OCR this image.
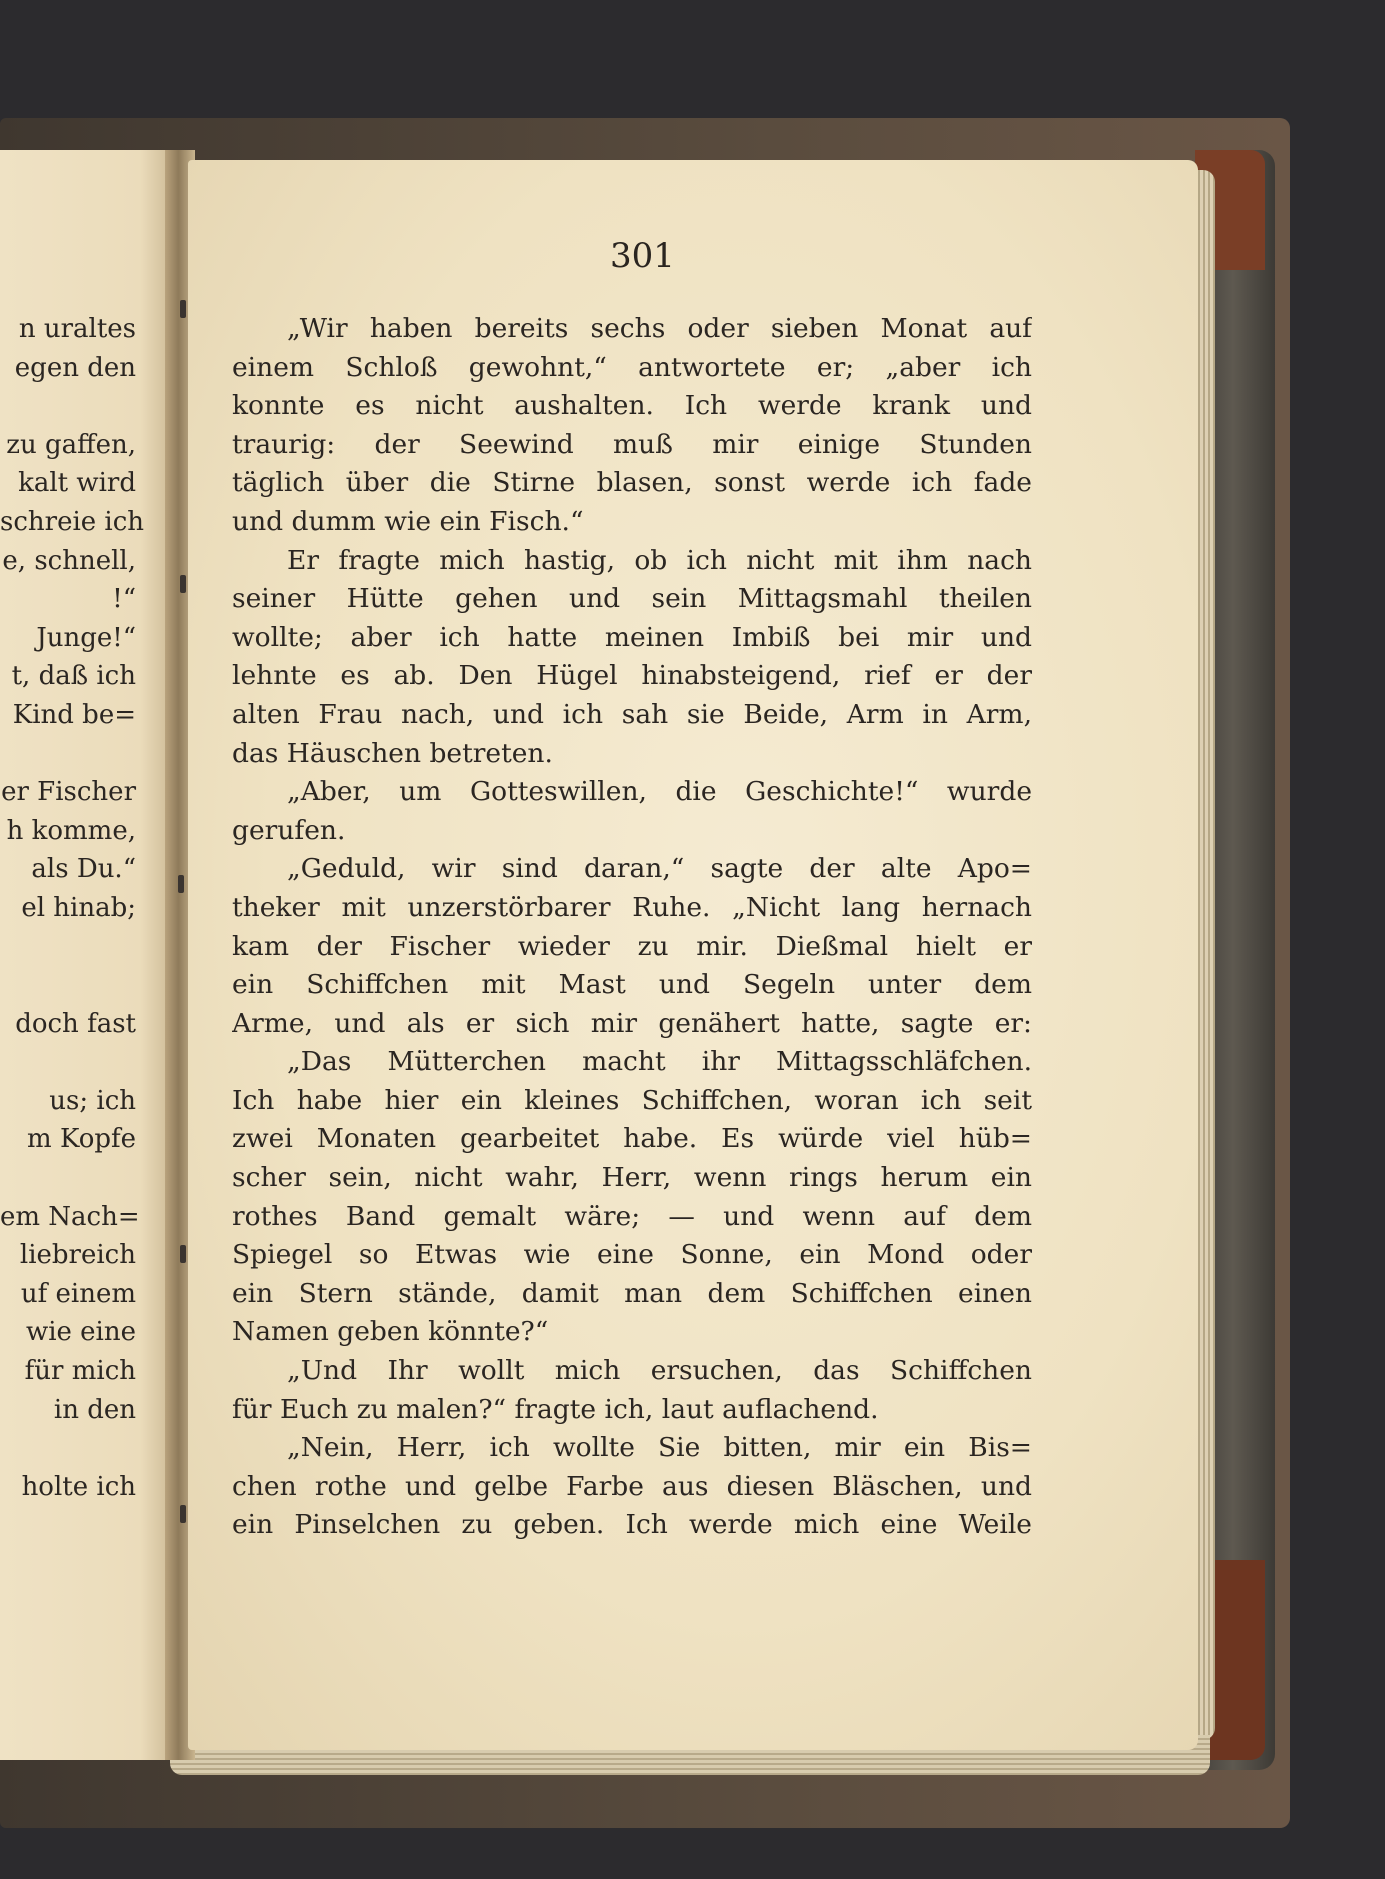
n uraltes
egen den
zu gaffen,
kalt wird
schreie ich
e, schnell,
!“
Junge!“
t, daß ich
Kind be=
er Fischer
h komme,
als Du.“
el hinab;
doch fast
us; ich
m Kopfe
em Nach=
liebreich
uf einem
wie eine
für mich
in den
holte ich
301
„Wir haben bereits sechs oder sieben Monat auf
einem Schloß gewohnt,“ antwortete er; „aber ich
konnte es nicht aushalten. Ich werde krank und
traurig: der Seewind muß mir einige Stunden
täglich über die Stirne blasen, sonst werde ich fade
und dumm wie ein Fisch.“
Er fragte mich hastig, ob ich nicht mit ihm nach
seiner Hütte gehen und sein Mittagsmahl theilen
wollte; aber ich hatte meinen Imbiß bei mir und
lehnte es ab. Den Hügel hinabsteigend, rief er der
alten Frau nach, und ich sah sie Beide, Arm in Arm,
das Häuschen betreten.
„Aber, um Gotteswillen, die Geschichte!“ wurde
gerufen.
„Geduld, wir sind daran,“ sagte der alte Apo=
theker mit unzerstörbarer Ruhe. „Nicht lang hernach
kam der Fischer wieder zu mir. Dießmal hielt er
ein Schiffchen mit Mast und Segeln unter dem
Arme, und als er sich mir genähert hatte, sagte er:
„Das Mütterchen macht ihr Mittagsschläfchen.
Ich habe hier ein kleines Schiffchen, woran ich seit
zwei Monaten gearbeitet habe. Es würde viel hüb=
scher sein, nicht wahr, Herr, wenn rings herum ein
rothes Band gemalt wäre; — und wenn auf dem
Spiegel so Etwas wie eine Sonne, ein Mond oder
ein Stern stände, damit man dem Schiffchen einen
Namen geben könnte?“
„Und Ihr wollt mich ersuchen, das Schiffchen
für Euch zu malen?“ fragte ich, laut auflachend.
„Nein, Herr, ich wollte Sie bitten, mir ein Bis=
chen rothe und gelbe Farbe aus diesen Bläschen, und
ein Pinselchen zu geben. Ich werde mich eine Weile
